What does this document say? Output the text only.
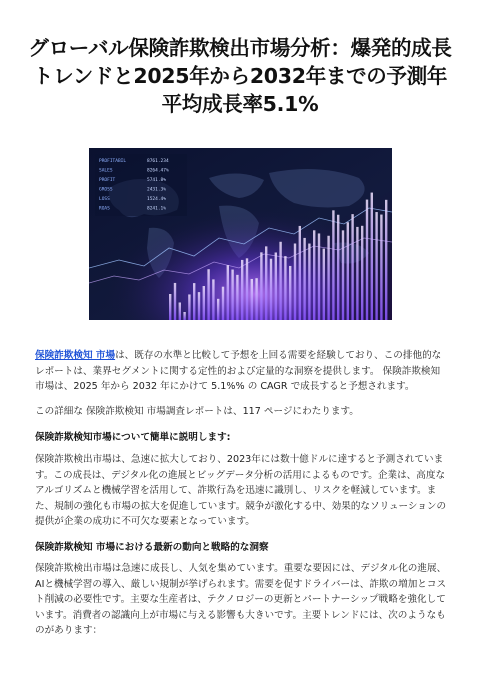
グローバル保険詐欺検出市場分析：爆発的成長トレンドと2025年から2032年までの予測年平均成長率5.1%
PROFITABIL	8761.234
SALES	8264.47%
PROFIT	5741.8%
GROSS	2431.3%
LOSS	1524.4%
ROAS	8241.1%

保険詐欺検知 市場は、既存の水準と比較して予想を上回る需要を経験しており、この排他的なレポートは、業界セグメントに関する定性的および定量的な洞察を提供します。 保険詐欺検知市場は、2025 年から 2032 年にかけて 5.1%% の CAGR で成長すると予想されます。

この詳細な 保険詐欺検知 市場調査レポートは、117 ページにわたります。

保険詐欺検知市場について簡単に説明します:

保険詐欺検出市場は、急速に拡大しており、2023年には数十億ドルに達すると予測されています。この成長は、デジタル化の進展とビッグデータ分析の活用によるものです。企業は、高度なアルゴリズムと機械学習を活用して、詐欺行為を迅速に識別し、リスクを軽減しています。また、規制の強化も市場の拡大を促進しています。競争が激化する中、効果的なソリューションの提供が企業の成功に不可欠な要素となっています。

保険詐欺検知 市場における最新の動向と戦略的な洞察

保険詐欺検出市場は急速に成長し、人気を集めています。重要な要因には、デジタル化の進展、AIと機械学習の導入、厳しい規制が挙げられます。需要を促すドライバーは、詐欺の増加とコスト削減の必要性です。主要な生産者は、テクノロジーの更新とパートナーシップ戦略を強化しています。消費者の認識向上が市場に与える影響も大きいです。主要トレンドには、次のようなものがあります：
